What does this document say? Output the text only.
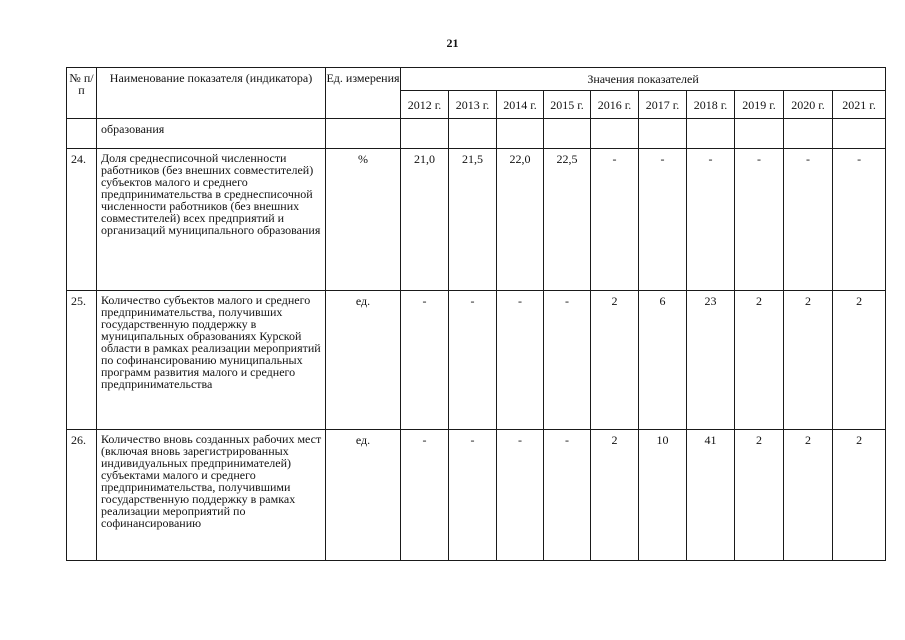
21
№ п/п	Наименование показателя (индикатора)	Ед. измерения	Значения показателей									
			2012 г.	2013 г.	2014 г.	2015 г.	2016 г.	2017 г.	2018 г.	2019 г.	2020 г.	2021 г.
	образования											
24.	Доля среднесписочной численности работников (без внешних совместителей) субъектов малого и среднего предпринимательства в среднесписочной численности работников (без внешних совместителей) всех предприятий и организаций муниципального образования	%	21,0	21,5	22,0	22,5	-	-	-	-	-	-
25.	Количество субъектов малого и среднего предпринимательства, получивших государственную поддержку в муниципальных образованиях Курской области в рамках реализации мероприятий по софинансированию муниципальных программ развития малого и среднего предпринимательства	ед.	-	-	-	-	2	6	23	2	2	2
26.	Количество вновь созданных рабочих мест (включая вновь зарегистрированных индивидуальных предпринимателей) субъектами малого и среднего предпринимательства, получившими государственную поддержку в рамках реализации мероприятий по софинансированию	ед.	-	-	-	-	2	10	41	2	2	2
